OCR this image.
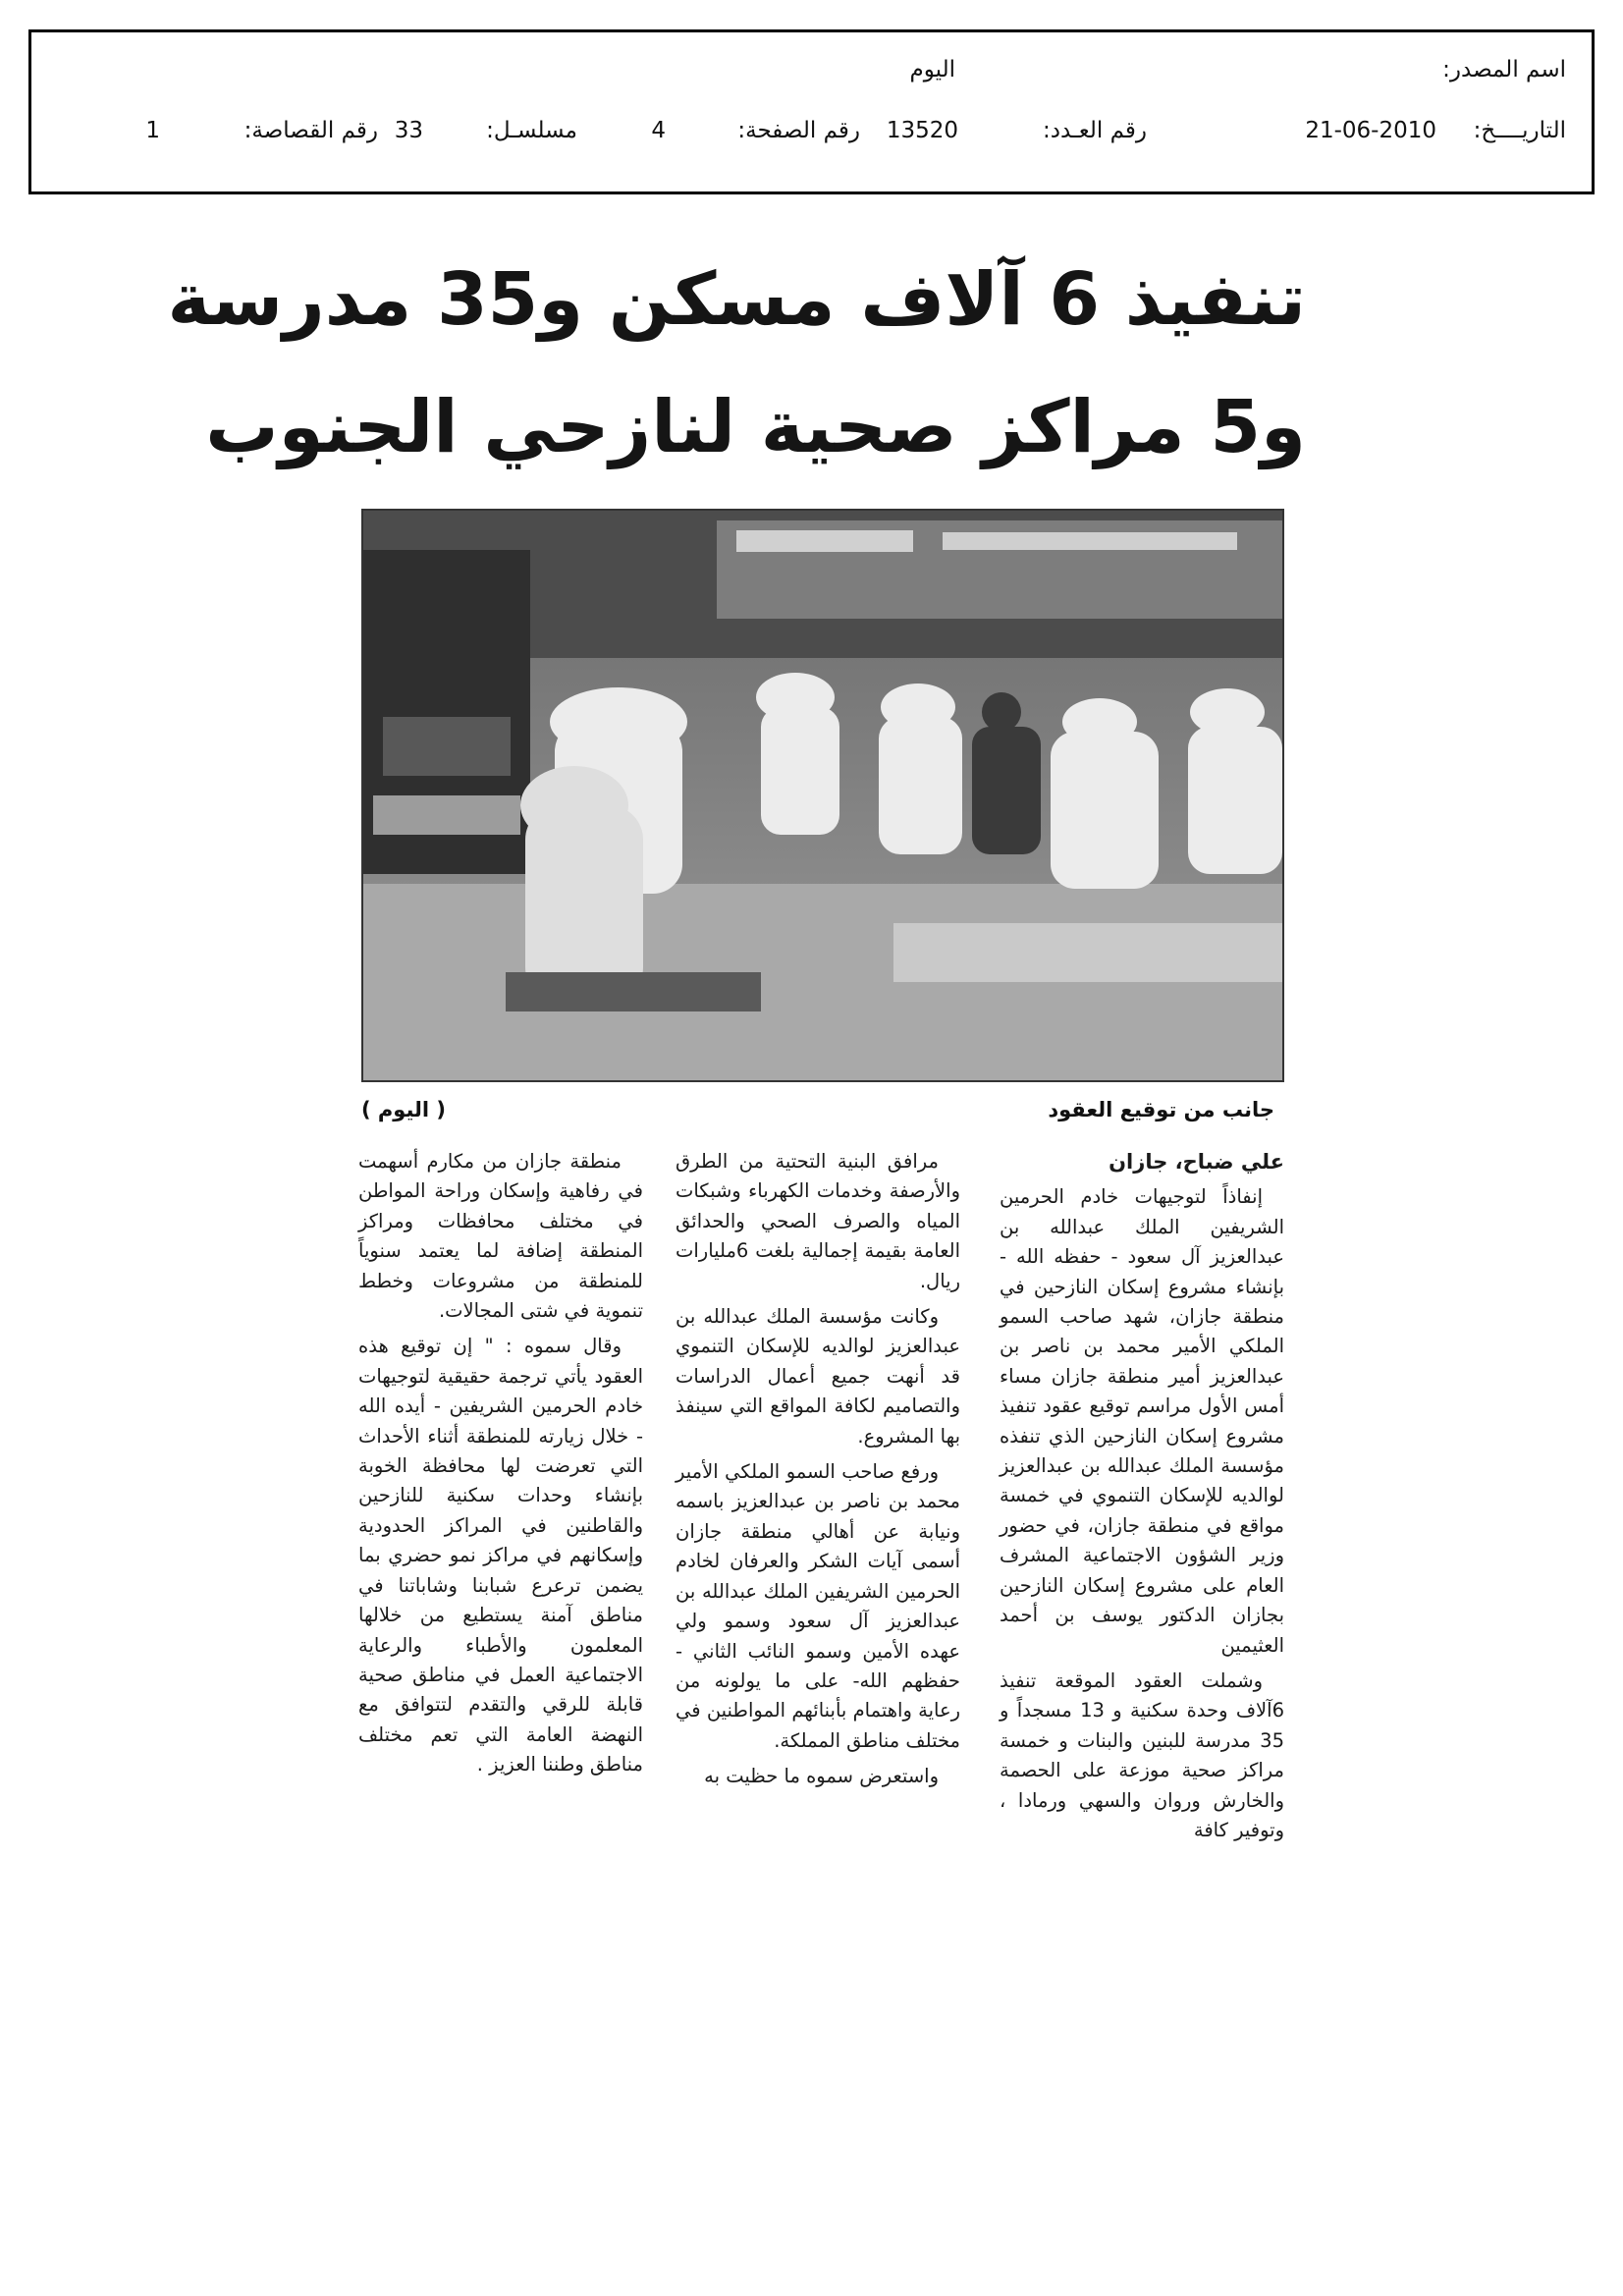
اسم المصدر:
اليوم
التاريــــخ:
21-06-2010
رقم العـدد:
13520
رقم الصفحة:
4
مسلسـل:
33
رقم القصاصة:
1
تنفيذ 6 آلاف مسكن و35 مدرسة
و5 مراكز صحية لنازحي الجنوب
جانب من توقيع العقود
( اليوم )

علي ضباح، جازان

إنفاذاً لتوجيهات خادم الحرمين الشريفين الملك عبدالله بن عبدالعزيز آل سعود - حفظه الله - بإنشاء مشروع إسكان النازحين في منطقة جازان، شهد صاحب السمو الملكي الأمير محمد بن ناصر بن عبدالعزيز أمير منطقة جازان مساء أمس الأول مراسم توقيع عقود تنفيذ مشروع إسكان النازحين الذي تنفذه مؤسسة الملك عبدالله بن عبدالعزيز لوالديه للإسكان التنموي في خمسة مواقع في منطقة جازان، في حضور وزير الشؤون الاجتماعية المشرف العام على مشروع إسكان النازحين بجازان الدكتور يوسف بن أحمد العثيمين

وشملت العقود الموقعة تنفيذ 6آلاف وحدة سكنية و 13 مسجداً و 35 مدرسة للبنين والبنات و خمسة مراكز صحية موزعة على الحصمة والخارش وروان والسهي ورمادا ، وتوفير كافة

مرافق البنية التحتية من الطرق والأرصفة وخدمات الكهرباء وشبكات المياه والصرف الصحي والحدائق العامة بقيمة إجمالية بلغت 6مليارات ريال.

وكانت مؤسسة الملك عبدالله بن عبدالعزيز لوالديه للإسكان التنموي قد أنهت جميع أعمال الدراسات والتصاميم لكافة المواقع التي سينفذ بها المشروع.

ورفع صاحب السمو الملكي الأمير محمد بن ناصر بن عبدالعزيز باسمه ونيابة عن أهالي منطقة جازان أسمى آيات الشكر والعرفان لخادم الحرمين الشريفين الملك عبدالله بن عبدالعزيز آل سعود وسمو ولي عهده الأمين وسمو النائب الثاني - حفظهم الله- على ما يولونه من رعاية واهتمام بأبنائهم المواطنين في مختلف مناطق المملكة.

واستعرض سموه ما حظيت به

منطقة جازان من مكارم أسهمت في رفاهية وإسكان وراحة المواطن في مختلف محافظات ومراكز المنطقة إضافة لما يعتمد سنوياً للمنطقة من مشروعات وخطط تنموية في شتى المجالات.

وقال سموه : " إن توقيع هذه العقود يأتي ترجمة حقيقية لتوجيهات خادم الحرمين الشريفين - أيده الله - خلال زيارته للمنطقة أثناء الأحداث التي تعرضت لها محافظة الخوبة بإنشاء وحدات سكنية للنازحين والقاطنين في المراكز الحدودية وإسكانهم في مراكز نمو حضري بما يضمن ترعرع شبابنا وشاباتنا في مناطق آمنة يستطيع من خلالها المعلمون والأطباء والرعاية الاجتماعية العمل في مناطق صحية قابلة للرقي والتقدم لتتوافق مع النهضة العامة التي تعم مختلف مناطق وطننا العزيز .
